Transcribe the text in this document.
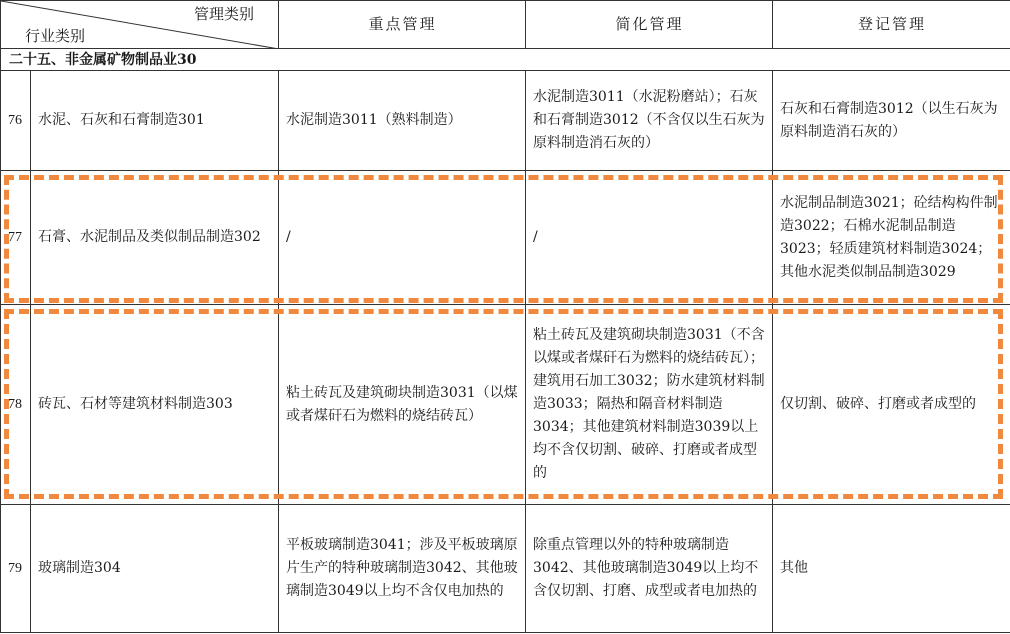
管理类别
行业类别		重点管理	简化管理	登记管理
二十五、非金属矿物制品业30				
76	水泥、石灰和石膏制造301	水泥制造3011（熟料制造）	水泥制造3011（水泥粉磨站）；石灰和石膏制造3012（不含仅以生石灰为原料制造消石灰的）	石灰和石膏制造3012（以生石灰为原料制造消石灰的）
77	石膏、水泥制品及类似制品制造302	/	/	水泥制品制造3021；砼结构构件制造3022；石棉水泥制品制造3023；轻质建筑材料制造3024；其他水泥类似制品制造3029
78	砖瓦、石材等建筑材料制造303	粘土砖瓦及建筑砌块制造3031（以煤或者煤矸石为燃料的烧结砖瓦）	粘土砖瓦及建筑砌块制造3031（不含以煤或者煤矸石为燃料的烧结砖瓦）；建筑用石加工3032；防水建筑材料制造3033；隔热和隔音材料制造3034；其他建筑材料制造3039以上均不含仅切割、破碎、打磨或者成型的	仅切割、破碎、打磨或者成型的
79	玻璃制造304	平板玻璃制造3041；涉及平板玻璃原片生产的特种玻璃制造3042、其他玻璃制造3049以上均不含仅电加热的	除重点管理以外的特种玻璃制造3042、其他玻璃制造3049以上均不含仅切割、打磨、成型或者电加热的	其他
